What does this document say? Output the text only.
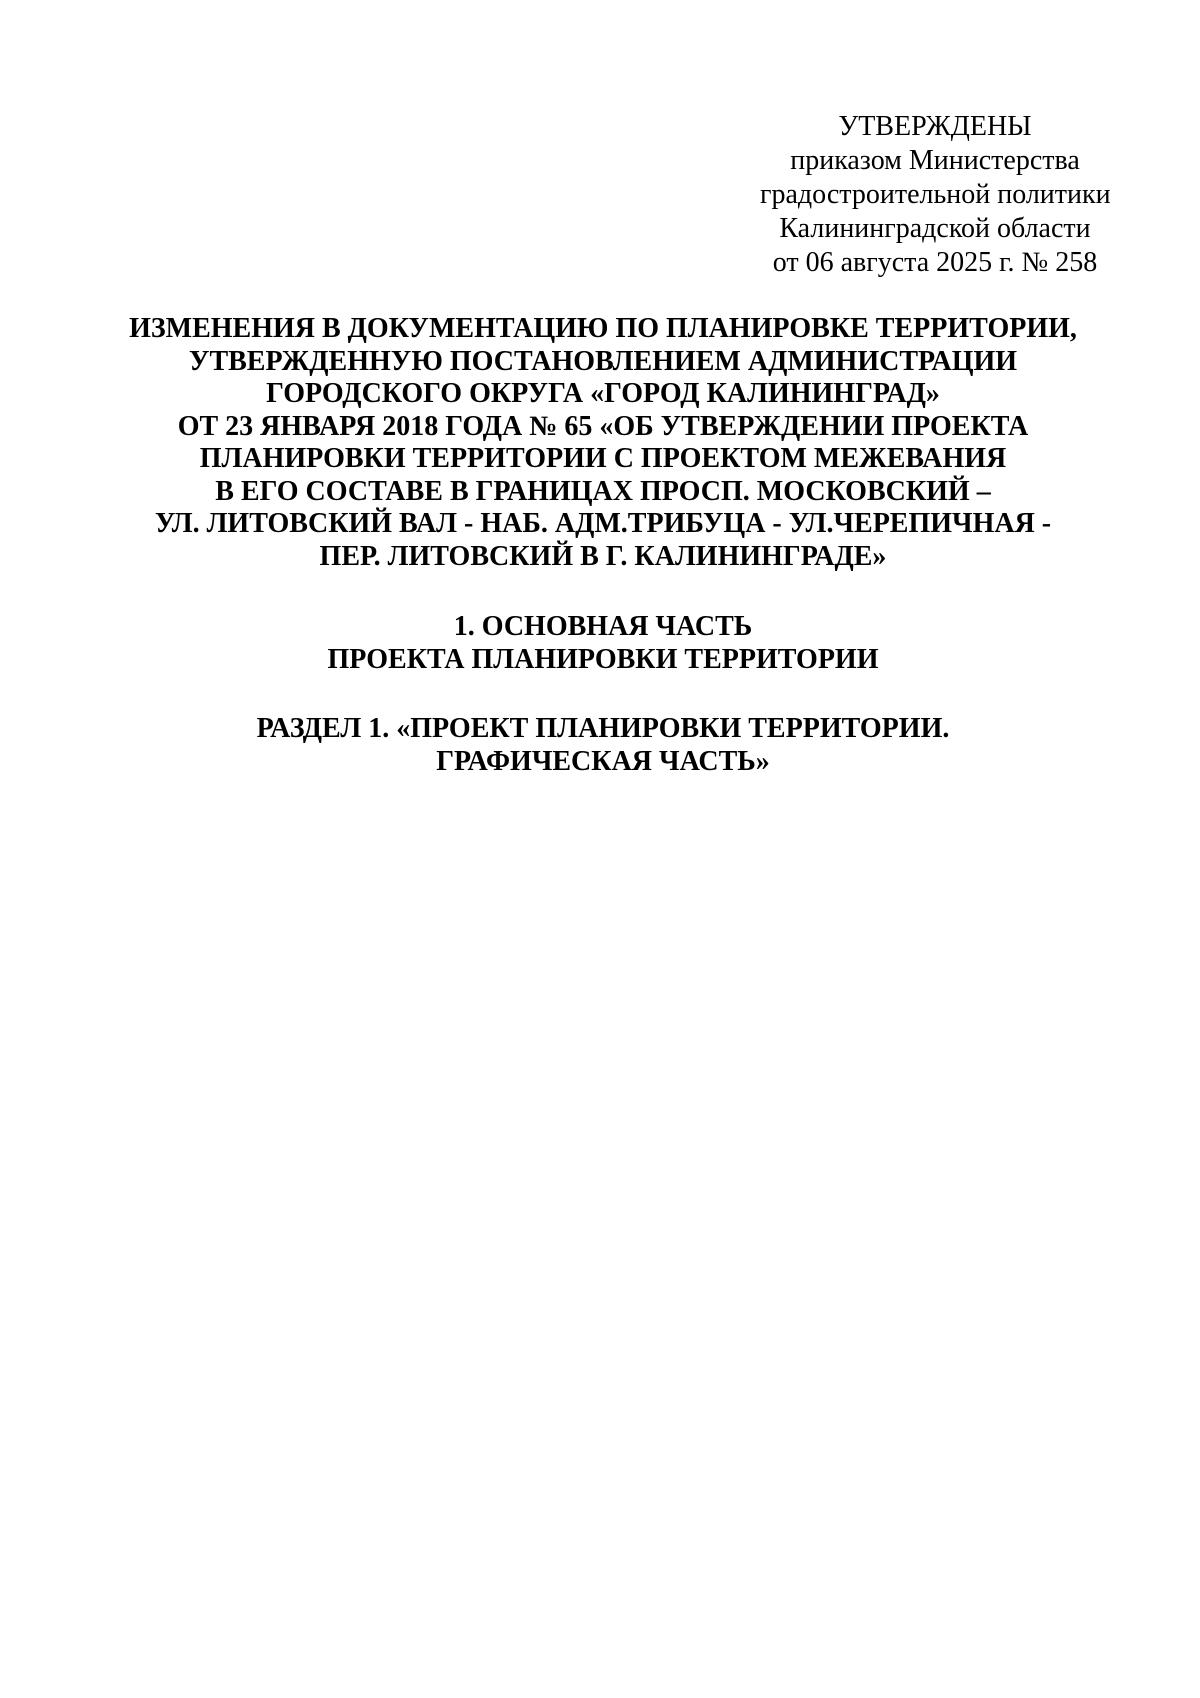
УТВЕРЖДЕНЫ
приказом Министерства
градостроительной политики
Калининградской области
от 06 августа 2025 г. № 258
ИЗМЕНЕНИЯ В ДОКУМЕНТАЦИЮ ПО ПЛАНИРОВКЕ ТЕРРИТОРИИ,
УТВЕРЖДЕННУЮ ПОСТАНОВЛЕНИЕМ АДМИНИСТРАЦИИ
ГОРОДСКОГО ОКРУГА «ГОРОД КАЛИНИНГРАД»
ОТ 23 ЯНВАРЯ 2018 ГОДА № 65 «ОБ УТВЕРЖДЕНИИ ПРОЕКТА
ПЛАНИРОВКИ ТЕРРИТОРИИ С ПРОЕКТОМ МЕЖЕВАНИЯ
В ЕГО СОСТАВЕ В ГРАНИЦАХ ПРОСП. МОСКОВСКИЙ –
УЛ. ЛИТОВСКИЙ ВАЛ - НАБ. АДМ.ТРИБУЦА - УЛ.ЧЕРЕПИЧНАЯ -
ПЕР. ЛИТОВСКИЙ В Г. КАЛИНИНГРАДЕ»
1. ОСНОВНАЯ ЧАСТЬ
ПРОЕКТА ПЛАНИРОВКИ ТЕРРИТОРИИ
РАЗДЕЛ 1. «ПРОЕКТ ПЛАНИРОВКИ ТЕРРИТОРИИ.
ГРАФИЧЕСКАЯ ЧАСТЬ»
